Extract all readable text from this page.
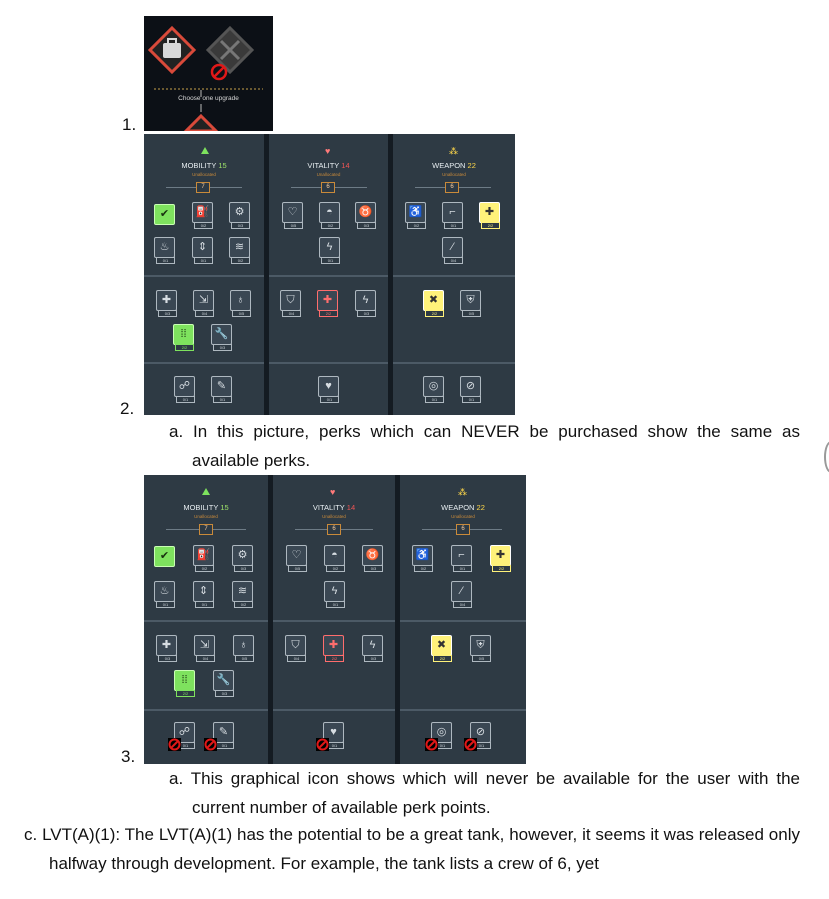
1.
2.
3.
Choose one upgrade
MOBILITY 15
Unallocated
7
✔	⛽
0/2
⚙
0/3
♨
0/1
⇕
0/1
≋
0/2
✚
0/3
⇲
0/4
♁
0/5
⁞⁞
2/2
🔧
0/3
☍
0/1
✎
0/1
♥
VITALITY 14
Unallocated
6
♡
0/5
◓
0/2
♉
0/3
ϟ
0/1
⛉
0/4
✚
2/2
ϟ
0/3
♥
0/1
⁂
WEAPON 22
Unallocated
6
♿
0/2
⌐
0/1
✚
2/2
⁄
0/4
✖
2/2
⛨
0/5
◎
0/1
⊘
0/1
a. In this picture, perks which can NEVER be purchased show the same as available perks.
MOBILITY 15
Unallocated
7
✔	⛽
0/2
⚙
0/3
♨
0/1
⇕
0/1
≋
0/2
✚
0/3
⇲
0/4
♁
0/5
⁞⁞
2/2
🔧
0/3
☍
0/1
✎
0/1
♥
VITALITY 14
Unallocated
6
♡
0/5
◓
0/2
♉
0/3
ϟ
0/1
⛉
0/4
✚
2/2
ϟ
0/3
♥
0/1
⁂
WEAPON 22
Unallocated
6
♿
0/2
⌐
0/1
✚
2/2
⁄
0/4
✖
2/2
⛨
0/5
◎
0/1
⊘
0/1
a. This graphical icon shows which will never be available for the user with the current number of available perk points.
c. LVT(A)(1): The LVT(A)(1) has the potential to be a great tank, however, it seems it was released only halfway through development. For example, the tank lists a crew of 6, yet
